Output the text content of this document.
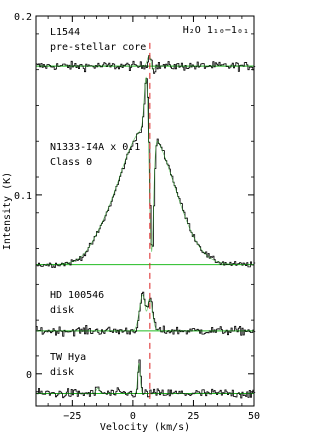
−25	0	25	50
0
0.1
0.2
L1544
pre-stellar core
N1333-I4A x 0.1
Class 0
HD 100546
disk
TW Hya
disk
H₂O 1₁₀−1₀₁
Velocity (km/s)
Intensity (K)
